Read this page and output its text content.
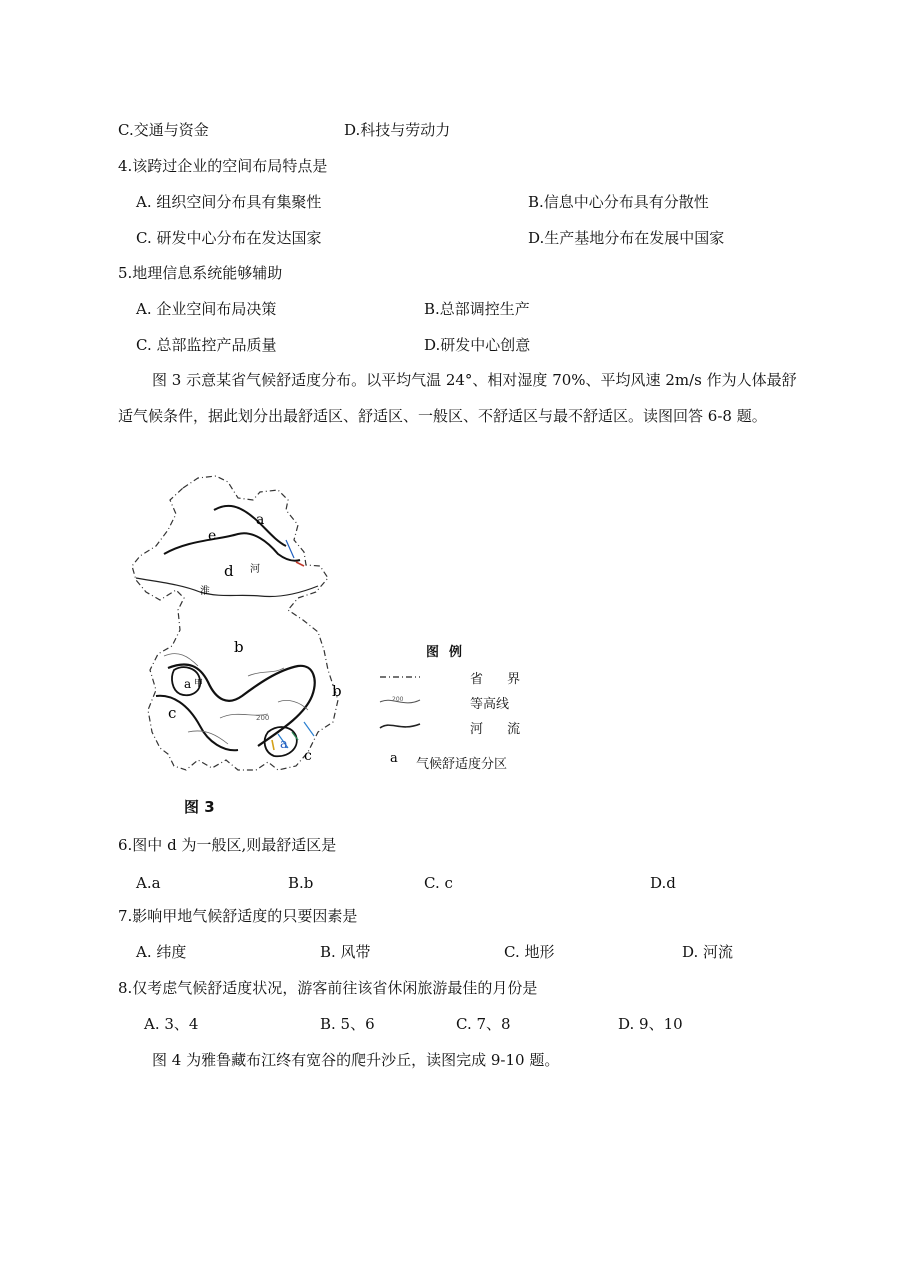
C.交通与资金	D.科技与劳动力
4.该跨过企业的空间布局特点是
A. 组织空间分布具有集聚性	B.信息中心分布具有分散性
C. 研发中心分布在发达国家	D.生产基地分布在发展中国家
5.地理信息系统能够辅助
A. 企业空间布局决策	B.总部调控生产
C. 总部监控产品质量	D.研发中心创意
图 3 示意某省气候舒适度分布。以平均气温 24°、相对湿度 70%、平均风速 2m/s 作为人体最舒适气候条件，据此划分出最舒适区、舒适区、一般区、不舒适区与最不舒适区。读图回答 6-8 题。
a
e
d 河
淮
b
a 甲	b
c	200
a
c
200
a
图例
省 界
等高线
河 流
气候舒适度分区
图 3
6.图中 d 为一般区,则最舒适区是
A.a	B.b	C. c	D.d
7.影响甲地气候舒适度的只要因素是
A. 纬度	B. 风带	C. 地形	D. 河流
8.仅考虑气候舒适度状况，游客前往该省休闲旅游最佳的月份是
A. 3、4	B. 5、6	C. 7、8	D. 9、10
图 4 为雅鲁藏布江终有宽谷的爬升沙丘，读图完成 9-10 题。
